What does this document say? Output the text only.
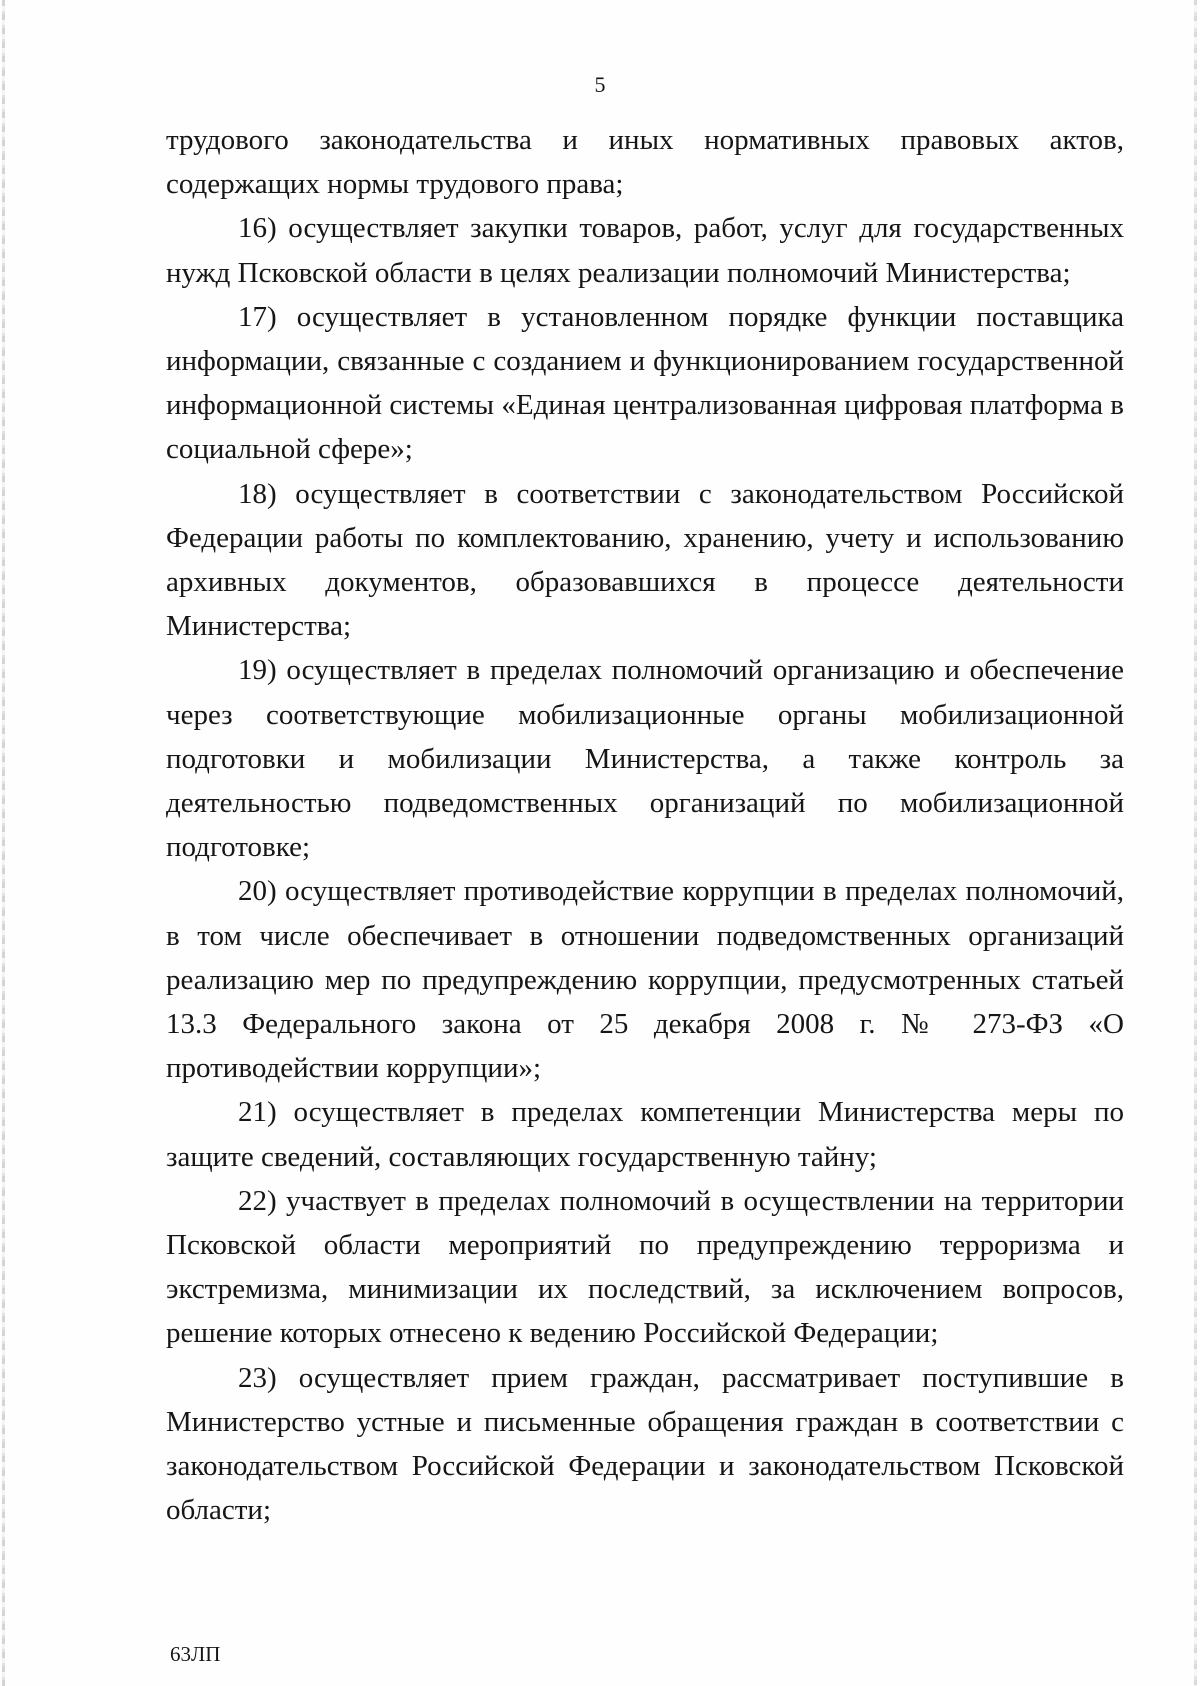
5

трудового законодательства и иных нормативных правовых актов, содержащих нормы трудового права;

16) осуществляет закупки товаров, работ, услуг для государственных нужд Псковской области в целях реализации полномочий Министерства;

17) осуществляет в установленном порядке функции поставщика информации, связанные с созданием и функционированием государственной информационной системы «Единая централизованная цифровая платформа в социальной сфере»;

18) осуществляет в соответствии с законодательством Российской Федерации работы по комплектованию, хранению, учету и использованию архивных документов, образовавшихся в процессе деятельности Министерства;

19) осуществляет в пределах полномочий организацию и обеспечение через соответствующие мобилизационные органы мобилизационной подготовки и мобилизации Министерства, а также контроль за деятельностью подведомственных организаций по мобилизационной подготовке;

20) осуществляет противодействие коррупции в пределах полномочий, в том числе обеспечивает в отношении подведомственных организаций реализацию мер по предупреждению коррупции, предусмотренных статьей 13.3 Федерального закона от 25 декабря 2008 г. № 273-ФЗ «О противодействии коррупции»;

21) осуществляет в пределах компетенции Министерства меры по защите сведений, составляющих государственную тайну;

22) участвует в пределах полномочий в осуществлении на территории Псковской области мероприятий по предупреждению терроризма и экстремизма, минимизации их последствий, за исключением вопросов, решение которых отнесено к ведению Российской Федерации;

23) осуществляет прием граждан, рассматривает поступившие в Министерство устные и письменные обращения граждан в соответствии с законодательством Российской Федерации и законодательством Псковской области;

63ЛП
